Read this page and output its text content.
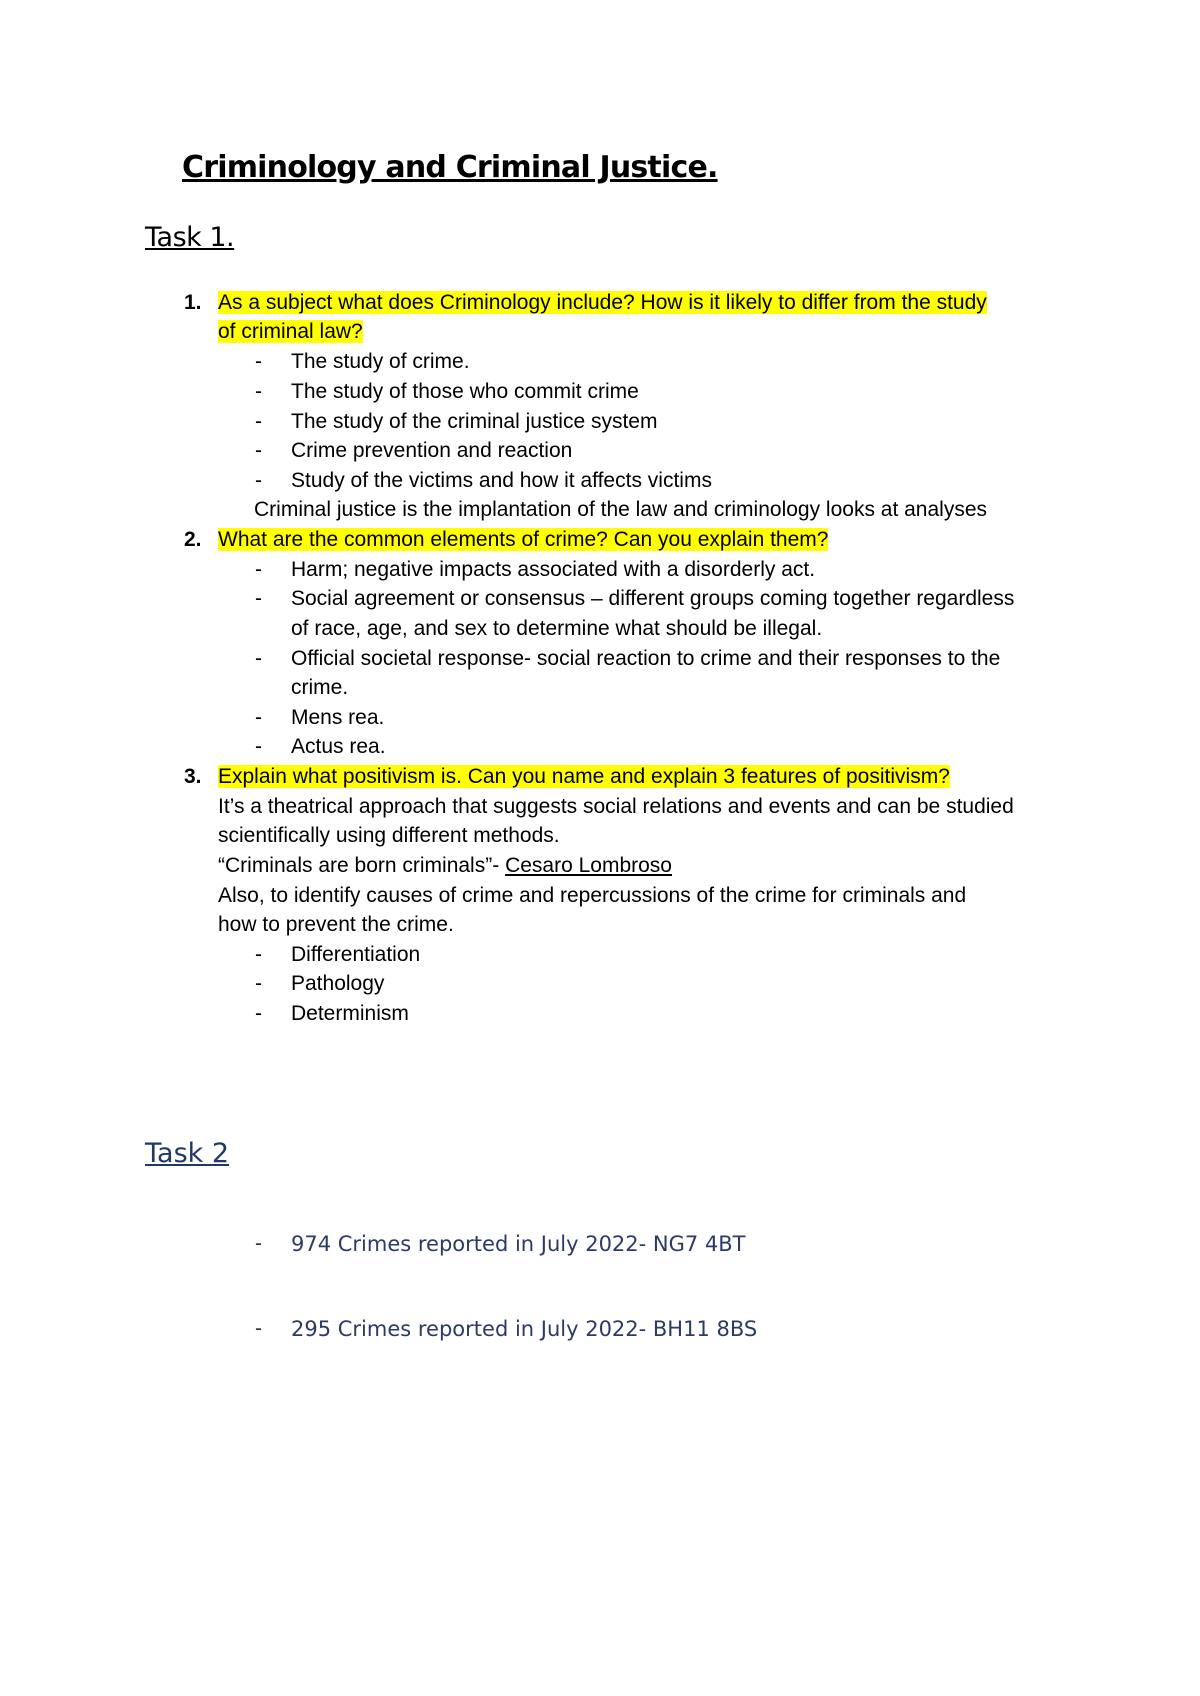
Criminology and Criminal Justice.
Task 1.
1. As a subject what does Criminology include? How is it likely to differ from the study
of criminal law?
- The study of crime.
- The study of those who commit crime
- The study of the criminal justice system
- Crime prevention and reaction
- Study of the victims and how it affects victims
Criminal justice is the implantation of the law and criminology looks at analyses
2. What are the common elements of crime? Can you explain them?
- Harm; negative impacts associated with a disorderly act.
- Social agreement or consensus – different groups coming together regardless
of race, age, and sex to determine what should be illegal.
- Official societal response- social reaction to crime and their responses to the
crime.
- Mens rea.
- Actus rea.
3. Explain what positivism is. Can you name and explain 3 features of positivism?
It’s a theatrical approach that suggests social relations and events and can be studied
scientifically using different methods.
“Criminals are born criminals”- Cesaro Lombroso
Also, to identify causes of crime and repercussions of the crime for criminals and
how to prevent the crime.
- Differentiation
- Pathology
- Determinism
Task 2
- 974 Crimes reported in July 2022- NG7 4BT
- 295 Crimes reported in July 2022- BH11 8BS
